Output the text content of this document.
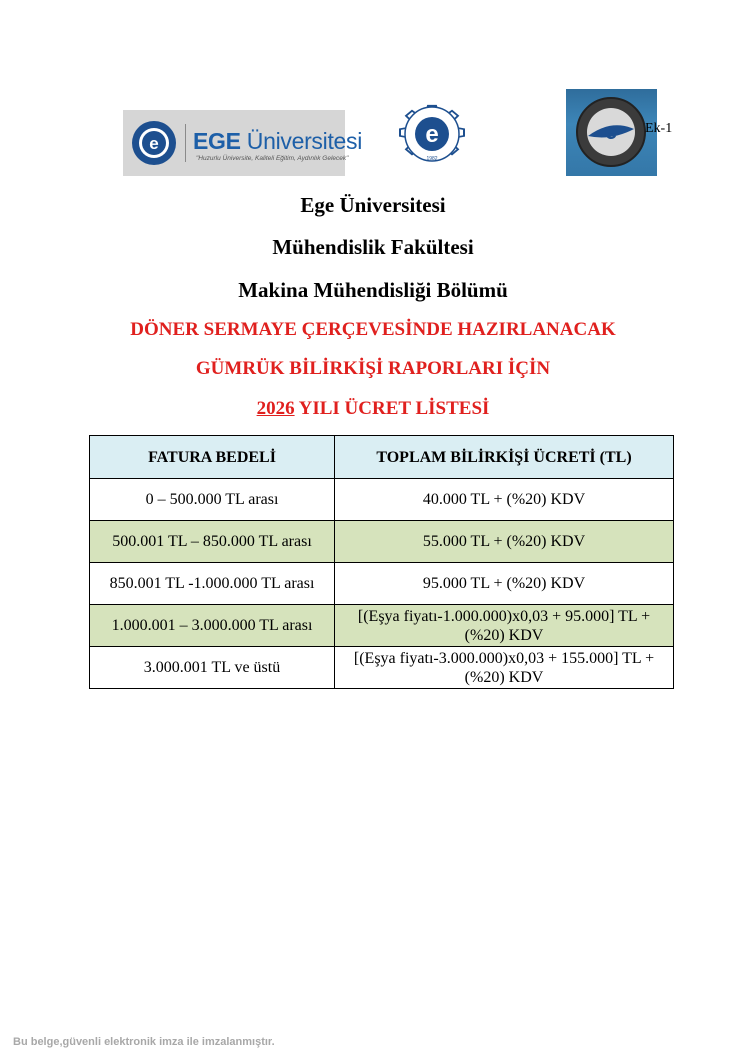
e EGE Üniversitesi
"Huzurlu Üniversite, Kaliteli Eğitim, Aydınlık Gelecek"
e
1982
e Ek-1
Ege Üniversitesi
Mühendislik Fakültesi
Makina Mühendisliği Bölümü
DÖNER SERMAYE ÇERÇEVESİNDE HAZIRLANACAK
GÜMRÜK BİLİRKİŞİ RAPORLARI İÇİN
2026 YILI ÜCRET LİSTESİ
FATURA BEDELİ	TOPLAM BİLİRKİŞİ ÜCRETİ (TL)
0 – 500.000 TL arası	40.000 TL + (%20) KDV
500.001 TL – 850.000 TL arası	55.000 TL + (%20) KDV
850.001 TL -1.000.000 TL arası	95.000 TL + (%20) KDV
1.000.001 – 3.000.000 TL arası	[(Eşya fiyatı-1.000.000)x0,03 + 95.000] TL + (%20) KDV
3.000.001 TL ve üstü	[(Eşya fiyatı-3.000.000)x0,03 + 155.000] TL + (%20) KDV
Bu belge,güvenli elektronik imza ile imzalanmıştır.
